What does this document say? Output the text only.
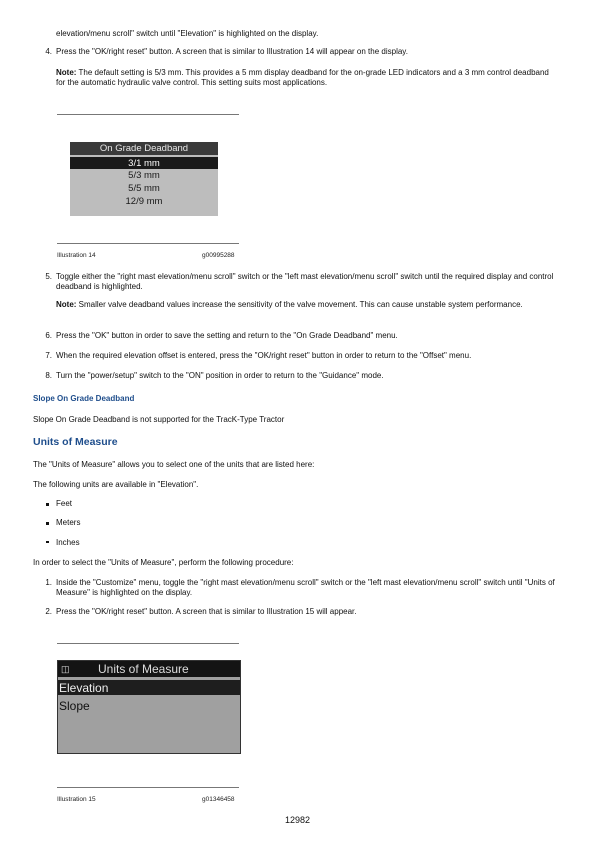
elevation/menu scroll" switch until "Elevation" is highlighted on the display.
4. Press the "OK/right reset" button. A screen that is similar to Illustration 14 will appear on the display.
Note: The default setting is 5/3 mm. This provides a 5 mm display deadband for the on-grade LED indicators and a 3 mm control deadband for the automatic hydraulic valve control. This setting suits most applications.
On Grade Deadband
3/1 mm
5/3 mm
5/5 mm
12/9 mm
Illustration 14	g00995288
5. Toggle either the "right mast elevation/menu scroll" switch or the "left mast elevation/menu scroll" switch until the required display and control deadband is highlighted.
Note: Smaller valve deadband values increase the sensitivity of the valve movement. This can cause unstable system performance.
6. Press the "OK" button in order to save the setting and return to the "On Grade Deadband" menu.
7. When the required elevation offset is entered, press the "OK/right reset" button in order to return to the "Offset" menu.
8. Turn the "power/setup" switch to the "ON" position in order to return to the "Guidance" mode.
Slope On Grade Deadband
Slope On Grade Deadband is not supported for the TracK-Type Tractor
Units of Measure
The "Units of Measure" allows you to select one of the units that are listed here:
The following units are available in "Elevation".
Feet
Meters
Inches
In order to select the "Units of Measure", perform the following procedure:
1. Inside the "Customize" menu, toggle the "right mast elevation/menu scroll" switch or the "left mast elevation/menu scroll" switch until "Units of Measure" is highlighted on the display.
2. Press the "OK/right reset" button. A screen that is similar to Illustration 15 will appear.
◫ Units of Measure
Elevation
Slope
Illustration 15	g01346458
12982
